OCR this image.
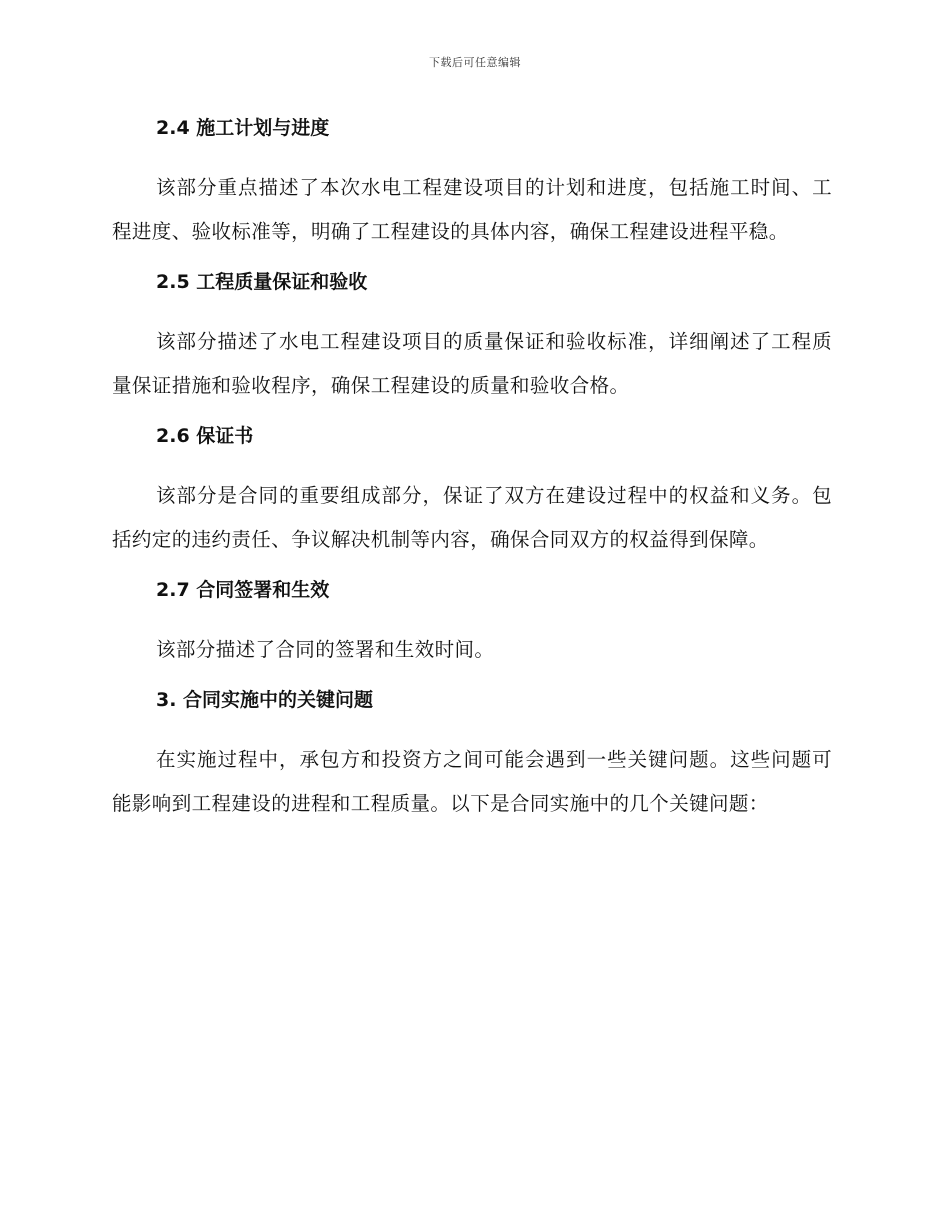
下载后可任意编辑
2.4 施工计划与进度

该部分重点描述了本次水电工程建设项目的计划和进度，包括施工时间、工程进度、验收标准等，明确了工程建设的具体内容，确保工程建设进程平稳。

2.5 工程质量保证和验收

该部分描述了水电工程建设项目的质量保证和验收标准，详细阐述了工程质量保证措施和验收程序，确保工程建设的质量和验收合格。

2.6 保证书

该部分是合同的重要组成部分，保证了双方在建设过程中的权益和义务。包括约定的违约责任、争议解决机制等内容，确保合同双方的权益得到保障。

2.7 合同签署和生效

该部分描述了合同的签署和生效时间。

3. 合同实施中的关键问题

在实施过程中，承包方和投资方之间可能会遇到一些关键问题。这些问题可能影响到工程建设的进程和工程质量。以下是合同实施中的几个关键问题：
